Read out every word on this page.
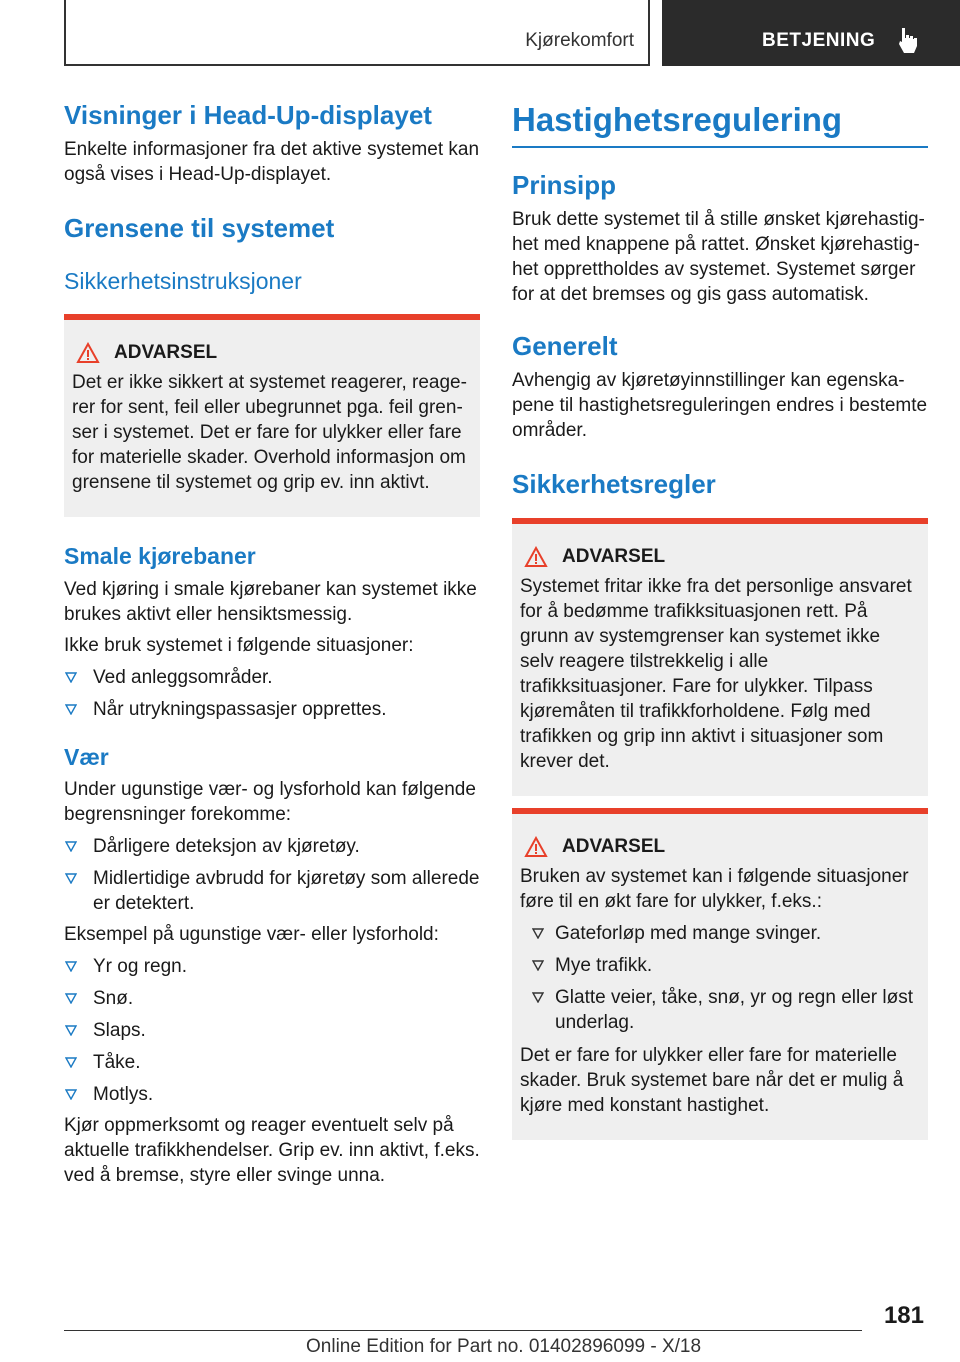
Kjørekomfort	BETJENING
Visninger i Head-Up-displayet

Enkelte informasjoner fra det aktive systemet kan også vises i Head-Up-displayet.

Grensene til systemet
Sikkerhetsinstruksjoner
ADVARSEL

Det er ikke sikkert at systemet reagerer, reagerer for sent, feil eller ubegrunnet pga. feil grenser i systemet. Det er fare for ulykker eller fare for materielle skader. Overhold informasjon om grensene til systemet og grip ev. inn aktivt.

Smale kjørebaner

Ved kjøring i smale kjørebaner kan systemet ikke brukes aktivt eller hensiktsmessig.

Ikke bruk systemet i følgende situasjoner:

Ved anleggsområder.
Når utrykningspassasjer opprettes.
Vær

Under ugunstige vær- og lysforhold kan følgende begrensninger forekomme:

Dårligere deteksjon av kjøretøy.
Midlertidige avbrudd for kjøretøy som allerede er detektert.

Eksempel på ugunstige vær- eller lysforhold:

Yr og regn.
Snø.
Slaps.
Tåke.
Motlys.

Kjør oppmerksomt og reager eventuelt selv på aktuelle trafikkhendelser. Grip ev. inn aktivt, f.eks. ved å bremse, styre eller svinge unna.

Hastighetsregulering
Prinsipp

Bruk dette systemet til å stille ønsket kjørehastighet med knappene på rattet. Ønsket kjørehastighet opprettholdes av systemet. Systemet sørger for at det bremses og gis gass automatisk.

Generelt

Avhengig av kjøretøyinnstillinger kan egenskapene til hastighetsreguleringen endres i bestemte områder.

Sikkerhetsregler
ADVARSEL

Systemet fritar ikke fra det personlige ansvaret for å bedømme trafikksituasjonen rett. På grunn av systemgrenser kan systemet ikke selv reagere tilstrekkelig i alle trafikksituasjoner. Fare for ulykker. Tilpass kjøremåten til trafikkforholdene. Følg med trafikken og grip inn aktivt i situasjoner som krever det.

ADVARSEL

Bruken av systemet kan i følgende situasjoner føre til en økt fare for ulykker, f.eks.:

Gateforløp med mange svinger.
Mye trafikk.
Glatte veier, tåke, snø, yr og regn eller løst underlag.

Det er fare for ulykker eller fare for materielle skader. Bruk systemet bare når det er mulig å kjøre med konstant hastighet.

181
Online Edition for Part no. 01402896099 - X/18
